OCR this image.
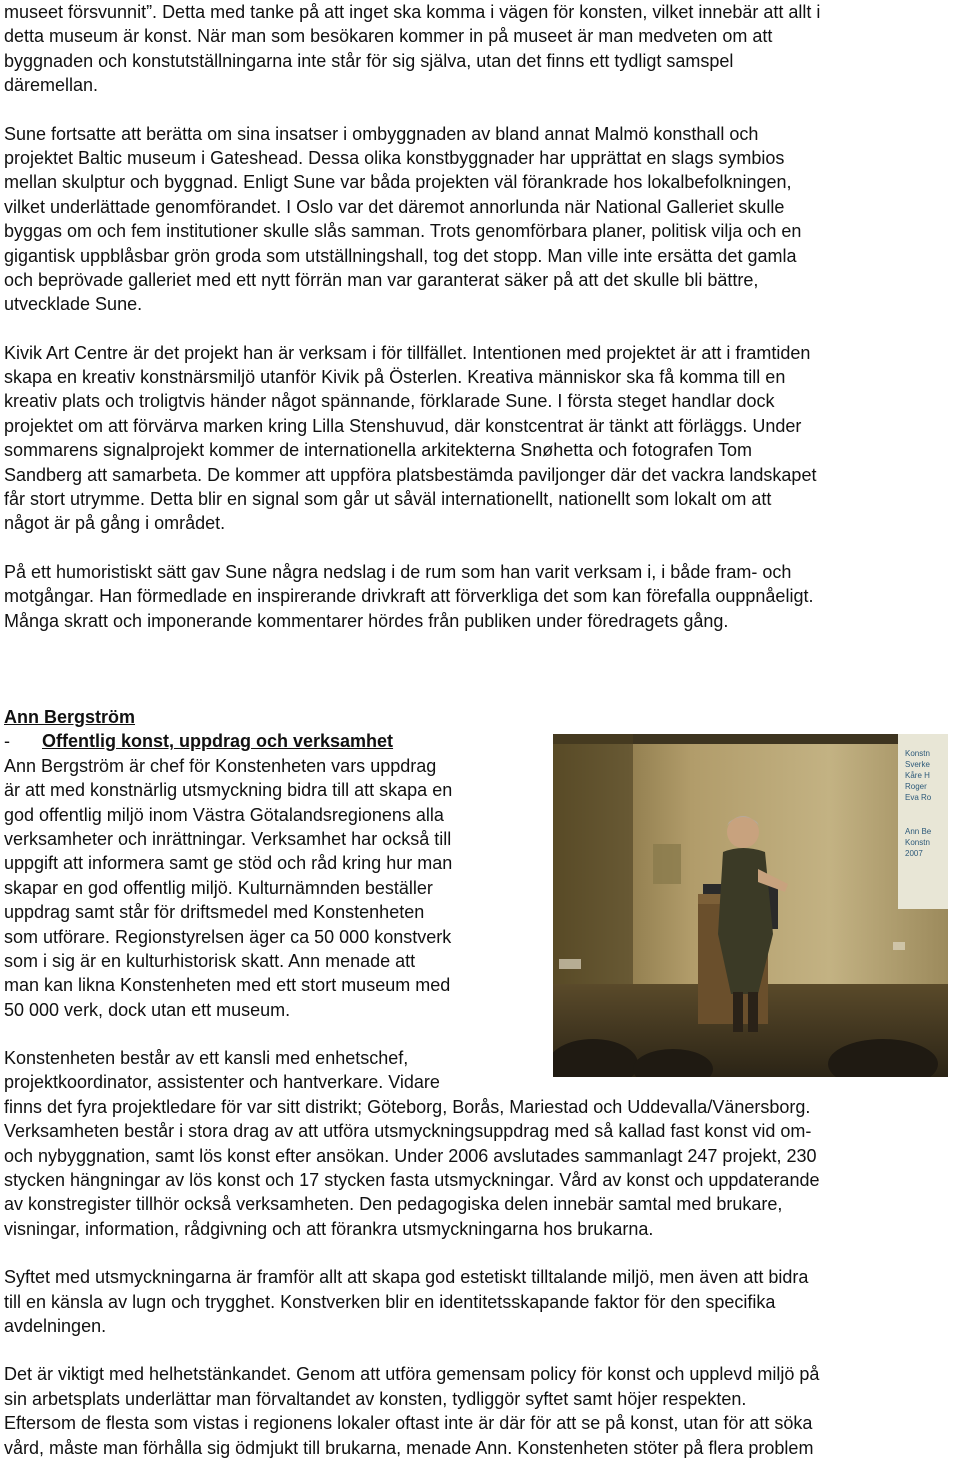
museet försvunnit”. Detta med tanke på att inget ska komma i vägen för konsten, vilket innebär att allt i
detta museum är konst. När man som besökaren kommer in på museet är man medveten om att
byggnaden och konstutställningarna inte står för sig själva, utan det finns ett tydligt samspel
däremellan.

Sune fortsatte att berätta om sina insatser i ombyggnaden av bland annat Malmö konsthall och
projektet Baltic museum i Gateshead. Dessa olika konstbyggnader har upprättat en slags symbios
mellan skulptur och byggnad. Enligt Sune var båda projekten väl förankrade hos lokalbefolkningen,
vilket underlättade genomförandet. I Oslo var det däremot annorlunda när National Galleriet skulle
byggas om och fem institutioner skulle slås samman. Trots genomförbara planer, politisk vilja och en
gigantisk uppblåsbar grön groda som utställningshall, tog det stopp. Man ville inte ersätta det gamla
och beprövade galleriet med ett nytt förrän man var garanterat säker på att det skulle bli bättre,
utvecklade Sune.

Kivik Art Centre är det projekt han är verksam i för tillfället. Intentionen med projektet är att i framtiden
skapa en kreativ konstnärsmiljö utanför Kivik på Österlen. Kreativa människor ska få komma till en
kreativ plats och troligtvis händer något spännande, förklarade Sune. I första steget handlar dock
projektet om att förvärva marken kring Lilla Stenshuvud, där konstcentrat är tänkt att förläggs. Under
sommarens signalprojekt kommer de internationella arkitekterna Snøhetta och fotografen Tom
Sandberg att samarbeta. De kommer att uppföra platsbestämda paviljonger där det vackra landskapet
får stort utrymme. Detta blir en signal som går ut såväl internationellt, nationellt som lokalt om att
något är på gång i området.

På ett humoristiskt sätt gav Sune några nedslag i de rum som han varit verksam i, i både fram- och
motgångar. Han förmedlade en inspirerande drivkraft att förverkliga det som kan förefalla ouppnåeligt.
Många skratt och imponerande kommentarer hördes från publiken under föredragets gång.

Ann Bergström

- Offentlig konst, uppdrag och verksamhet

Ann Bergström är chef för Konstenheten vars uppdrag
är att med konstnärlig utsmyckning bidra till att skapa en
god offentlig miljö inom Västra Götalandsregionens alla
verksamheter och inrättningar. Verksamhet har också till
uppgift att informera samt ge stöd och råd kring hur man
skapar en god offentlig miljö. Kulturnämnden beställer
uppdrag samt står för driftsmedel med Konstenheten
som utförare. Regionstyrelsen äger ca 50 000 konstverk
som i sig är en kulturhistorisk skatt. Ann menade att
man kan likna Konstenheten med ett stort museum med
50 000 verk, dock utan ett museum.

Konstenheten består av ett kansli med enhetschef,
projektkoordinator, assistenter och hantverkare. Vidare
finns det fyra projektledare för var sitt distrikt; Göteborg, Borås, Mariestad och Uddevalla/Vänersborg.
Verksamheten består i stora drag av att utföra utsmyckningsuppdrag med så kallad fast konst vid om-
och nybyggnation, samt lös konst efter ansökan. Under 2006 avslutades sammanlagt 247 projekt, 230
stycken hängningar av lös konst och 17 stycken fasta utsmyckningar. Vård av konst och uppdaterande
av konstregister tillhör också verksamheten. Den pedagogiska delen innebär samtal med brukare,
visningar, information, rådgivning och att förankra utsmyckningarna hos brukarna.

Syftet med utsmyckningarna är framför allt att skapa god estetiskt tilltalande miljö, men även att bidra
till en känsla av lugn och trygghet. Konstverken blir en identitetsskapande faktor för den specifika
avdelningen.

Det är viktigt med helhetstänkandet. Genom att utföra gemensam policy för konst och upplevd miljö på
sin arbetsplats underlättar man förvaltandet av konsten, tydliggör syftet samt höjer respekten.
Eftersom de flesta som vistas i regionens lokaler oftast inte är där för att se på konst, utan för att söka
vård, måste man förhålla sig ödmjukt till brukarna, menade Ann. Konstenheten stöter på flera problem

Konstn
Sverke
Kåre H
Roger
Eva Ro
Ann Be
Konstn
2007
